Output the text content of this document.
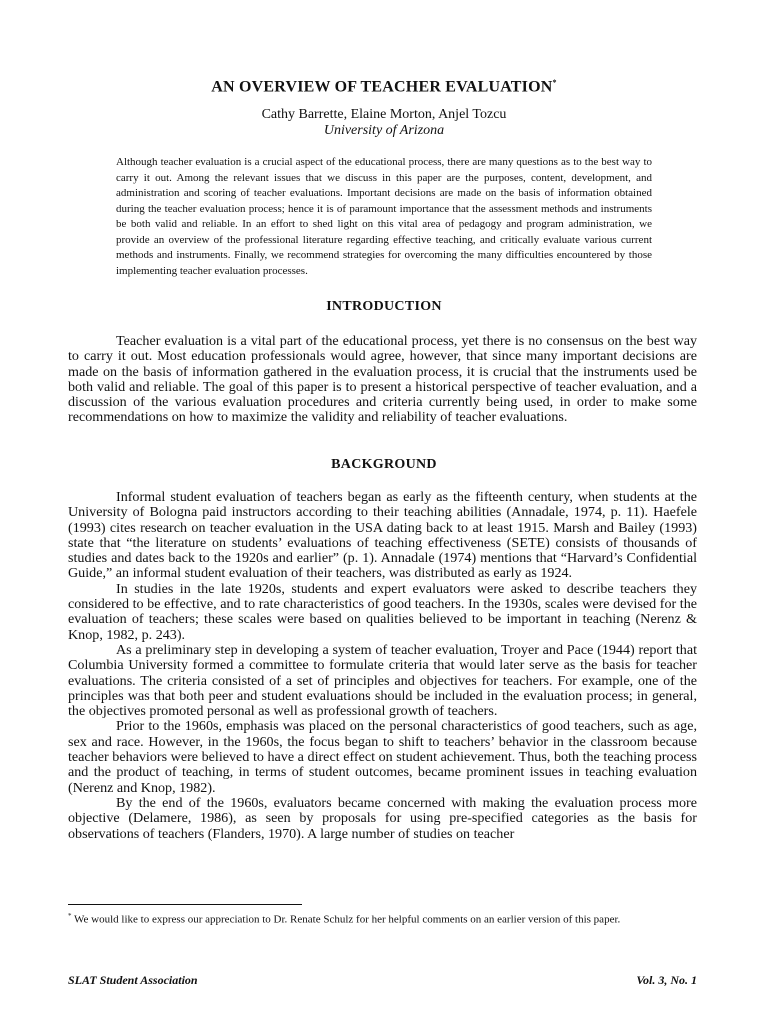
AN OVERVIEW OF TEACHER EVALUATION*
Cathy Barrette, Elaine Morton, Anjel Tozcu
University of Arizona

Although teacher evaluation is a crucial aspect of the educational process, there are many questions as to the best way to carry it out. Among the relevant issues that we discuss in this paper are the purposes, content, development, and administration and scoring of teacher evaluations. Important decisions are made on the basis of information obtained during the teacher evaluation process; hence it is of paramount importance that the assessment methods and instruments be both valid and reliable. In an effort to shed light on this vital area of pedagogy and program administration, we provide an overview of the professional literature regarding effective teaching, and critically evaluate various current methods and instruments. Finally, we recommend strategies for overcoming the many difficulties encountered by those implementing teacher evaluation processes.

INTRODUCTION

Teacher evaluation is a vital part of the educational process, yet there is no consensus on the best way to carry it out. Most education professionals would agree, however, that since many important decisions are made on the basis of information gathered in the evaluation process, it is crucial that the instruments used be both valid and reliable. The goal of this paper is to present a historical perspective of teacher evaluation, and a discussion of the various evaluation procedures and criteria currently being used, in order to make some recommendations on how to maximize the validity and reliability of teacher evaluations.

BACKGROUND

Informal student evaluation of teachers began as early as the fifteenth century, when students at the University of Bologna paid instructors according to their teaching abilities (Annadale, 1974, p. 11). Haefele (1993) cites research on teacher evaluation in the USA dating back to at least 1915. Marsh and Bailey (1993) state that “the literature on students’ evaluations of teaching effectiveness (SETE) consists of thousands of studies and dates back to the 1920s and earlier” (p. 1). Annadale (1974) mentions that “Harvard’s Confidential Guide,” an informal student evaluation of their teachers, was distributed as early as 1924.

In studies in the late 1920s, students and expert evaluators were asked to describe teachers they considered to be effective, and to rate characteristics of good teachers. In the 1930s, scales were devised for the evaluation of teachers; these scales were based on qualities believed to be important in teaching (Nerenz & Knop, 1982, p. 243).

As a preliminary step in developing a system of teacher evaluation, Troyer and Pace (1944) report that Columbia University formed a committee to formulate criteria that would later serve as the basis for teacher evaluations. The criteria consisted of a set of principles and objectives for teachers. For example, one of the principles was that both peer and student evaluations should be included in the evaluation process; in general, the objectives promoted personal as well as professional growth of teachers.

Prior to the 1960s, emphasis was placed on the personal characteristics of good teachers, such as age, sex and race. However, in the 1960s, the focus began to shift to teachers’ behavior in the classroom because teacher behaviors were believed to have a direct effect on student achievement. Thus, both the teaching process and the product of teaching, in terms of student outcomes, became prominent issues in teaching evaluation (Nerenz and Knop, 1982).

By the end of the 1960s, evaluators became concerned with making the evaluation process more objective (Delamere, 1986), as seen by proposals for using pre-specified categories as the basis for observations of teachers (Flanders, 1970). A large number of studies on teacher

* We would like to express our appreciation to Dr. Renate Schulz for her helpful comments on an earlier version of this paper.

SLAT Student Association	Vol. 3, No. 1
